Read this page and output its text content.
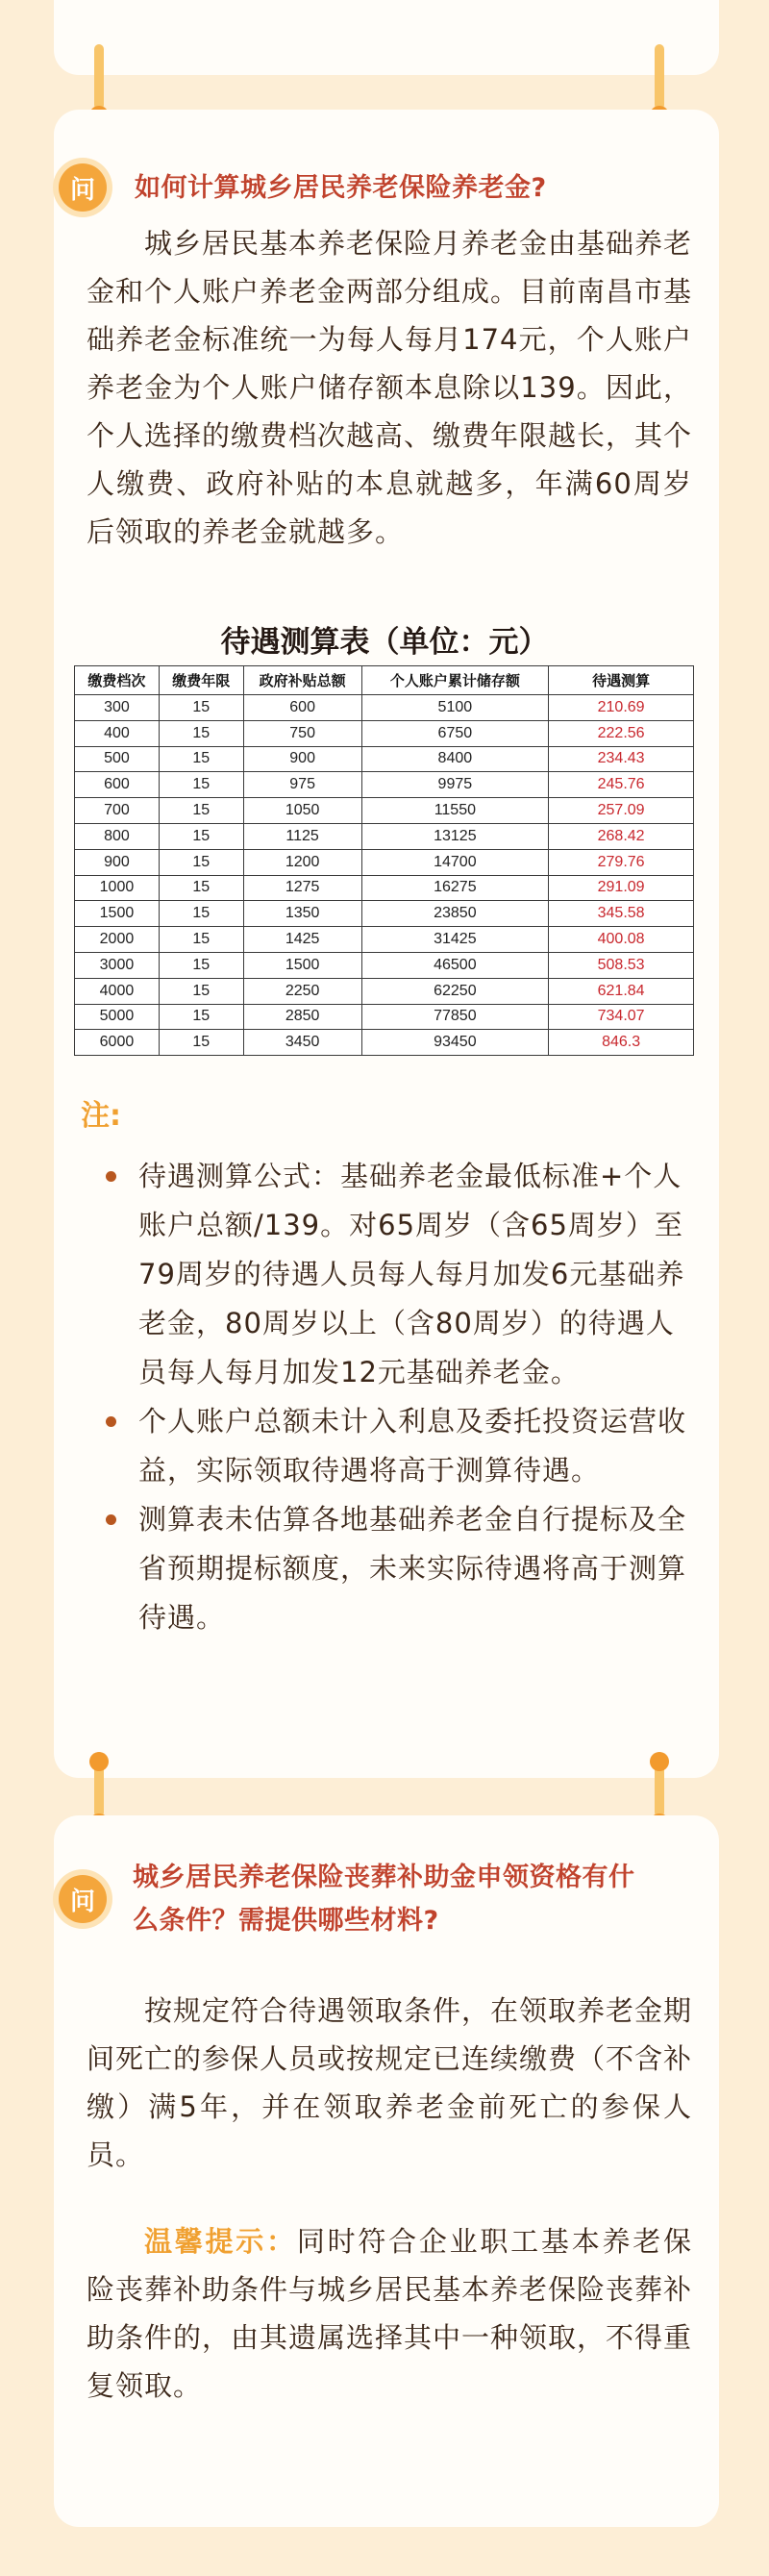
问	如何计算城乡居民养老保险养老金?
城乡居民基本养老保险月养老金由基础养老金和个人账户养老金两部分组成。目前南昌市基础养老金标准统一为每人每月174元，个人账户养老金为个人账户储存额本息除以139。因此，个人选择的缴费档次越高、缴费年限越长，其个人缴费、政府补贴的本息就越多，年满60周岁后领取的养老金就越多。
待遇测算表（单位：元）
缴费档次	缴费年限	政府补贴总额	个人账户累计储存额	待遇测算
300	15	600	5100	210.69
400	15	750	6750	222.56
500	15	900	8400	234.43
600	15	975	9975	245.76
700	15	1050	11550	257.09
800	15	1125	13125	268.42
900	15	1200	14700	279.76
1000	15	1275	16275	291.09
1500	15	1350	23850	345.58
2000	15	1425	31425	400.08
3000	15	1500	46500	508.53
4000	15	2250	62250	621.84
5000	15	2850	77850	734.07
6000	15	3450	93450	846.3
注:
待遇测算公式：基础养老金最低标准+个人账户总额/139。对65周岁（含65周岁）至79周岁的待遇人员每人每月加发6元基础养老金，80周岁以上（含80周岁）的待遇人员每人每月加发12元基础养老金。
个人账户总额未计入利息及委托投资运营收益，实际领取待遇将高于测算待遇。
测算表未估算各地基础养老金自行提标及全省预期提标额度，未来实际待遇将高于测算待遇。
问
城乡居民养老保险丧葬补助金申领资格有什
么条件？需提供哪些材料?
按规定符合待遇领取条件，在领取养老金期间死亡的参保人员或按规定已连续缴费（不含补缴）满5年，并在领取养老金前死亡的参保人员。
温馨提示：同时符合企业职工基本养老保险丧葬补助条件与城乡居民基本养老保险丧葬补助条件的，由其遗属选择其中一种领取，不得重复领取。
